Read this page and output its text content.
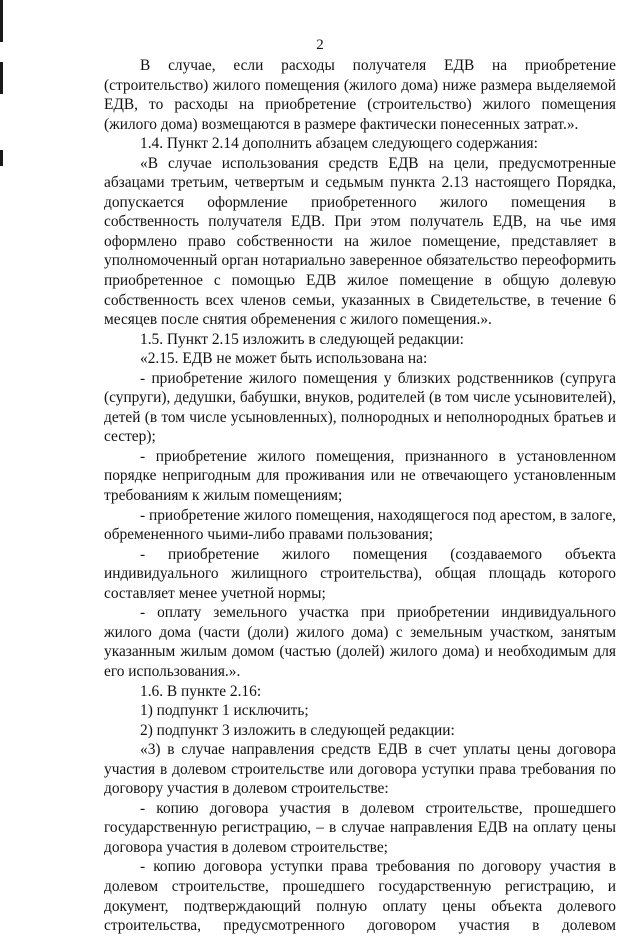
2

В случае, если расходы получателя ЕДВ на приобретение (строительство) жилого помещения (жилого дома) ниже размера выделяемой ЕДВ, то расходы на приобретение (строительство) жилого помещения (жилого дома) возмещаются в размере фактически понесенных затрат.».

1.4. Пункт 2.14 дополнить абзацем следующего содержания:

«В случае использования средств ЕДВ на цели, предусмотренные абзацами третьим, четвертым и седьмым пункта 2.13 настоящего Порядка, допускается оформление приобретенного жилого помещения в собственность получателя ЕДВ. При этом получатель ЕДВ, на чье имя оформлено право собственности на жилое помещение, представляет в уполномоченный орган нотариально заверенное обязательство переоформить приобретенное с помощью ЕДВ жилое помещение в общую долевую собственность всех членов семьи, указанных в Свидетельстве, в течение 6 месяцев после снятия обременения с жилого помещения.».

1.5. Пункт 2.15 изложить в следующей редакции:

«2.15. ЕДВ не может быть использована на:

- приобретение жилого помещения у близких родственников (супруга (супруги), дедушки, бабушки, внуков, родителей (в том числе усыновителей), детей (в том числе усыновленных), полнородных и неполнородных братьев и сестер);

- приобретение жилого помещения, признанного в установленном порядке непригодным для проживания или не отвечающего установленным требованиям к жилым помещениям;

- приобретение жилого помещения, находящегося под арестом, в залоге, обремененного чьими-либо правами пользования;

- приобретение жилого помещения (создаваемого объекта индивидуального жилищного строительства), общая площадь которого составляет менее учетной нормы;

- оплату земельного участка при приобретении индивидуального жилого дома (части (доли) жилого дома) с земельным участком, занятым указанным жилым домом (частью (долей) жилого дома) и необходимым для его использования.».

1.6. В пункте 2.16:

1) подпункт 1 исключить;

2) подпункт 3 изложить в следующей редакции:

«3) в случае направления средств ЕДВ в счет уплаты цены договора участия в долевом строительстве или договора уступки права требования по договору участия в долевом строительстве:

- копию договора участия в долевом строительстве, прошедшего государственную регистрацию, – в случае направления ЕДВ на оплату цены договора участия в долевом строительстве;

- копию договора уступки права требования по договору участия в долевом строительстве, прошедшего государственную регистрацию, и документ, подтверждающий полную оплату цены объекта долевого строительства, предусмотренного договором участия в долевом
